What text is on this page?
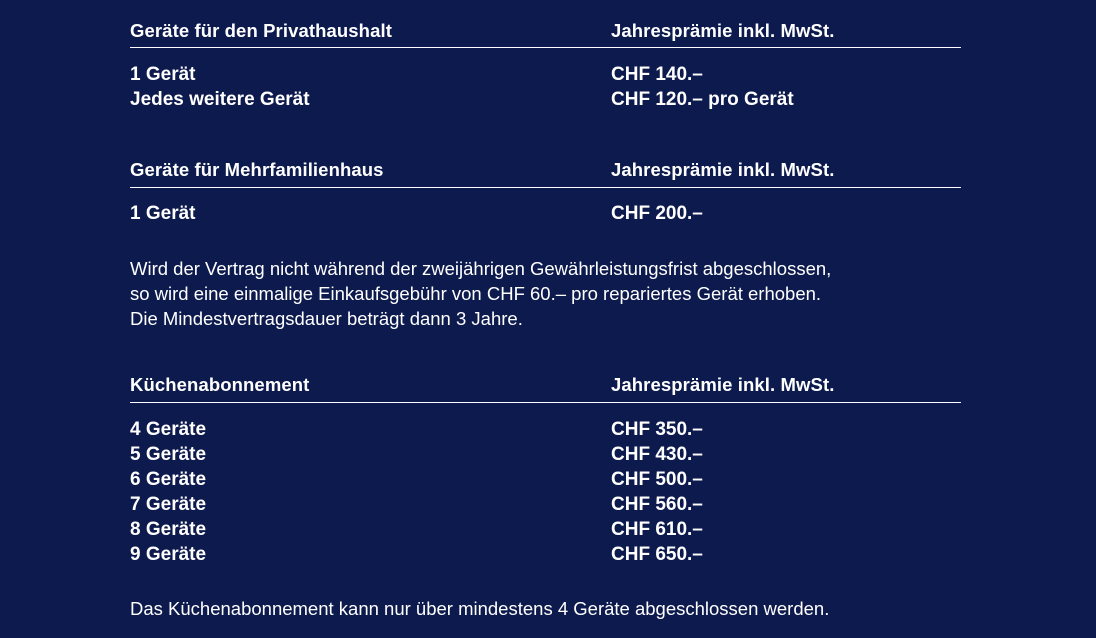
Geräte für den Privathaushalt	Jahresprämie inkl. MwSt.
1 Gerät	CHF 140.–
Jedes weitere Gerät	CHF 120.– pro Gerät
Geräte für Mehrfamilienhaus	Jahresprämie inkl. MwSt.
1 Gerät	CHF 200.–
Wird der Vertrag nicht während der zweijährigen Gewährleistungsfrist abgeschlossen,
so wird eine einmalige Einkaufsgebühr von CHF 60.– pro repariertes Gerät erhoben.
Die Mindestvertragsdauer beträgt dann 3 Jahre.
Küchenabonnement	Jahresprämie inkl. MwSt.
4 Geräte	CHF 350.–
5 Geräte	CHF 430.–
6 Geräte	CHF 500.–
7 Geräte	CHF 560.–
8 Geräte	CHF 610.–
9 Geräte	CHF 650.–
Das Küchenabonnement kann nur über mindestens 4 Geräte abgeschlossen werden.
